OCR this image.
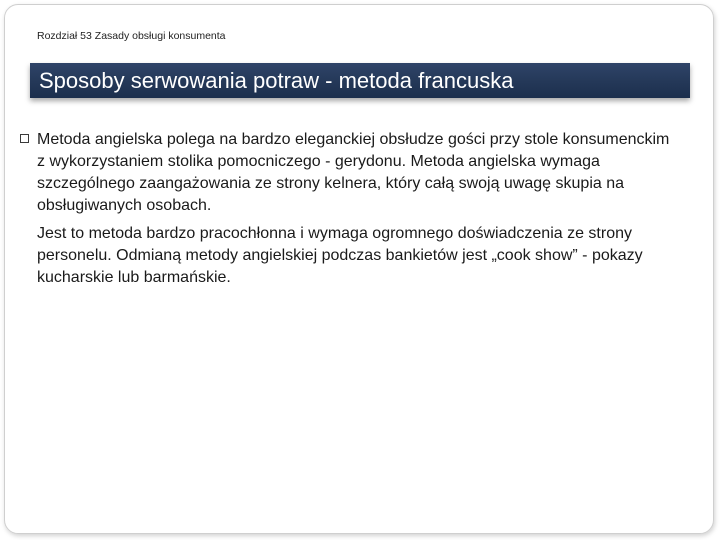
Rozdział 53 Zasady obsługi konsumenta
Sposoby serwowania potraw - metoda francuska

Metoda angielska polega na bardzo eleganckiej obsłudze gości przy stole konsumenckim z wykorzystaniem stolika pomocniczego - gerydonu. Metoda angielska wymaga szczególnego zaangażowania ze strony kelnera, który całą swoją uwagę skupia na obsługiwanych osobach.

Jest to metoda bardzo pracochłonna i wymaga ogromnego doświadczenia ze strony personelu. Odmianą metody angielskiej podczas bankietów jest „cook show” - pokazy kucharskie lub barmańskie.
